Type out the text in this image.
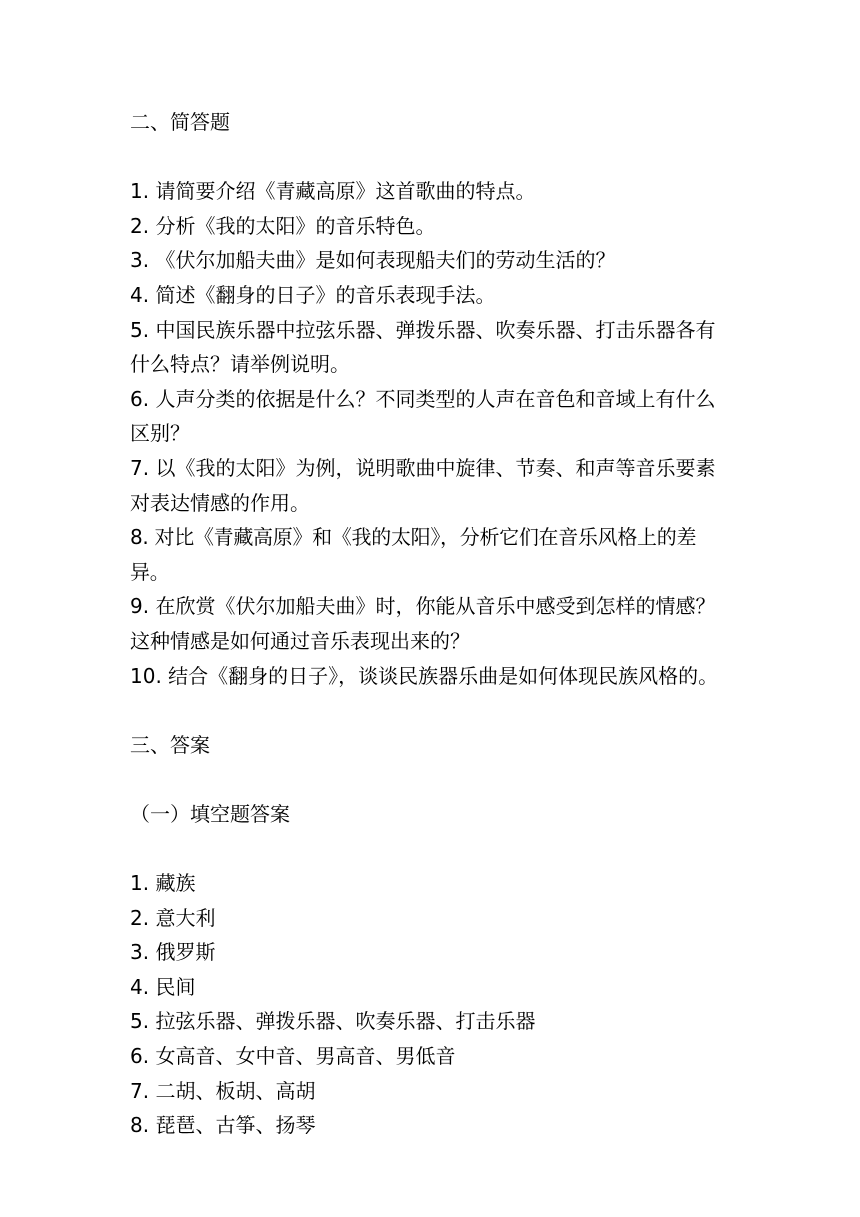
二、简答题
1. 请简要介绍《青藏高原》这首歌曲的特点。
2. 分析《我的太阳》的音乐特色。
3. 《伏尔加船夫曲》是如何表现船夫们的劳动生活的？
4. 简述《翻身的日子》的音乐表现手法。
5. 中国民族乐器中拉弦乐器、弹拨乐器、吹奏乐器、打击乐器各有什么特点？请举例说明。
6. 人声分类的依据是什么？不同类型的人声在音色和音域上有什么区别？
7. 以《我的太阳》为例，说明歌曲中旋律、节奏、和声等音乐要素对表达情感的作用。
8. 对比《青藏高原》和《我的太阳》，分析它们在音乐风格上的差异。
9. 在欣赏《伏尔加船夫曲》时，你能从音乐中感受到怎样的情感？这种情感是如何通过音乐表现出来的？
10. 结合《翻身的日子》，谈谈民族器乐曲是如何体现民族风格的。
三、答案
（一）填空题答案
1. 藏族
2. 意大利
3. 俄罗斯
4. 民间
5. 拉弦乐器、弹拨乐器、吹奏乐器、打击乐器
6. 女高音、女中音、男高音、男低音
7. 二胡、板胡、高胡
8. 琵琶、古筝、扬琴
